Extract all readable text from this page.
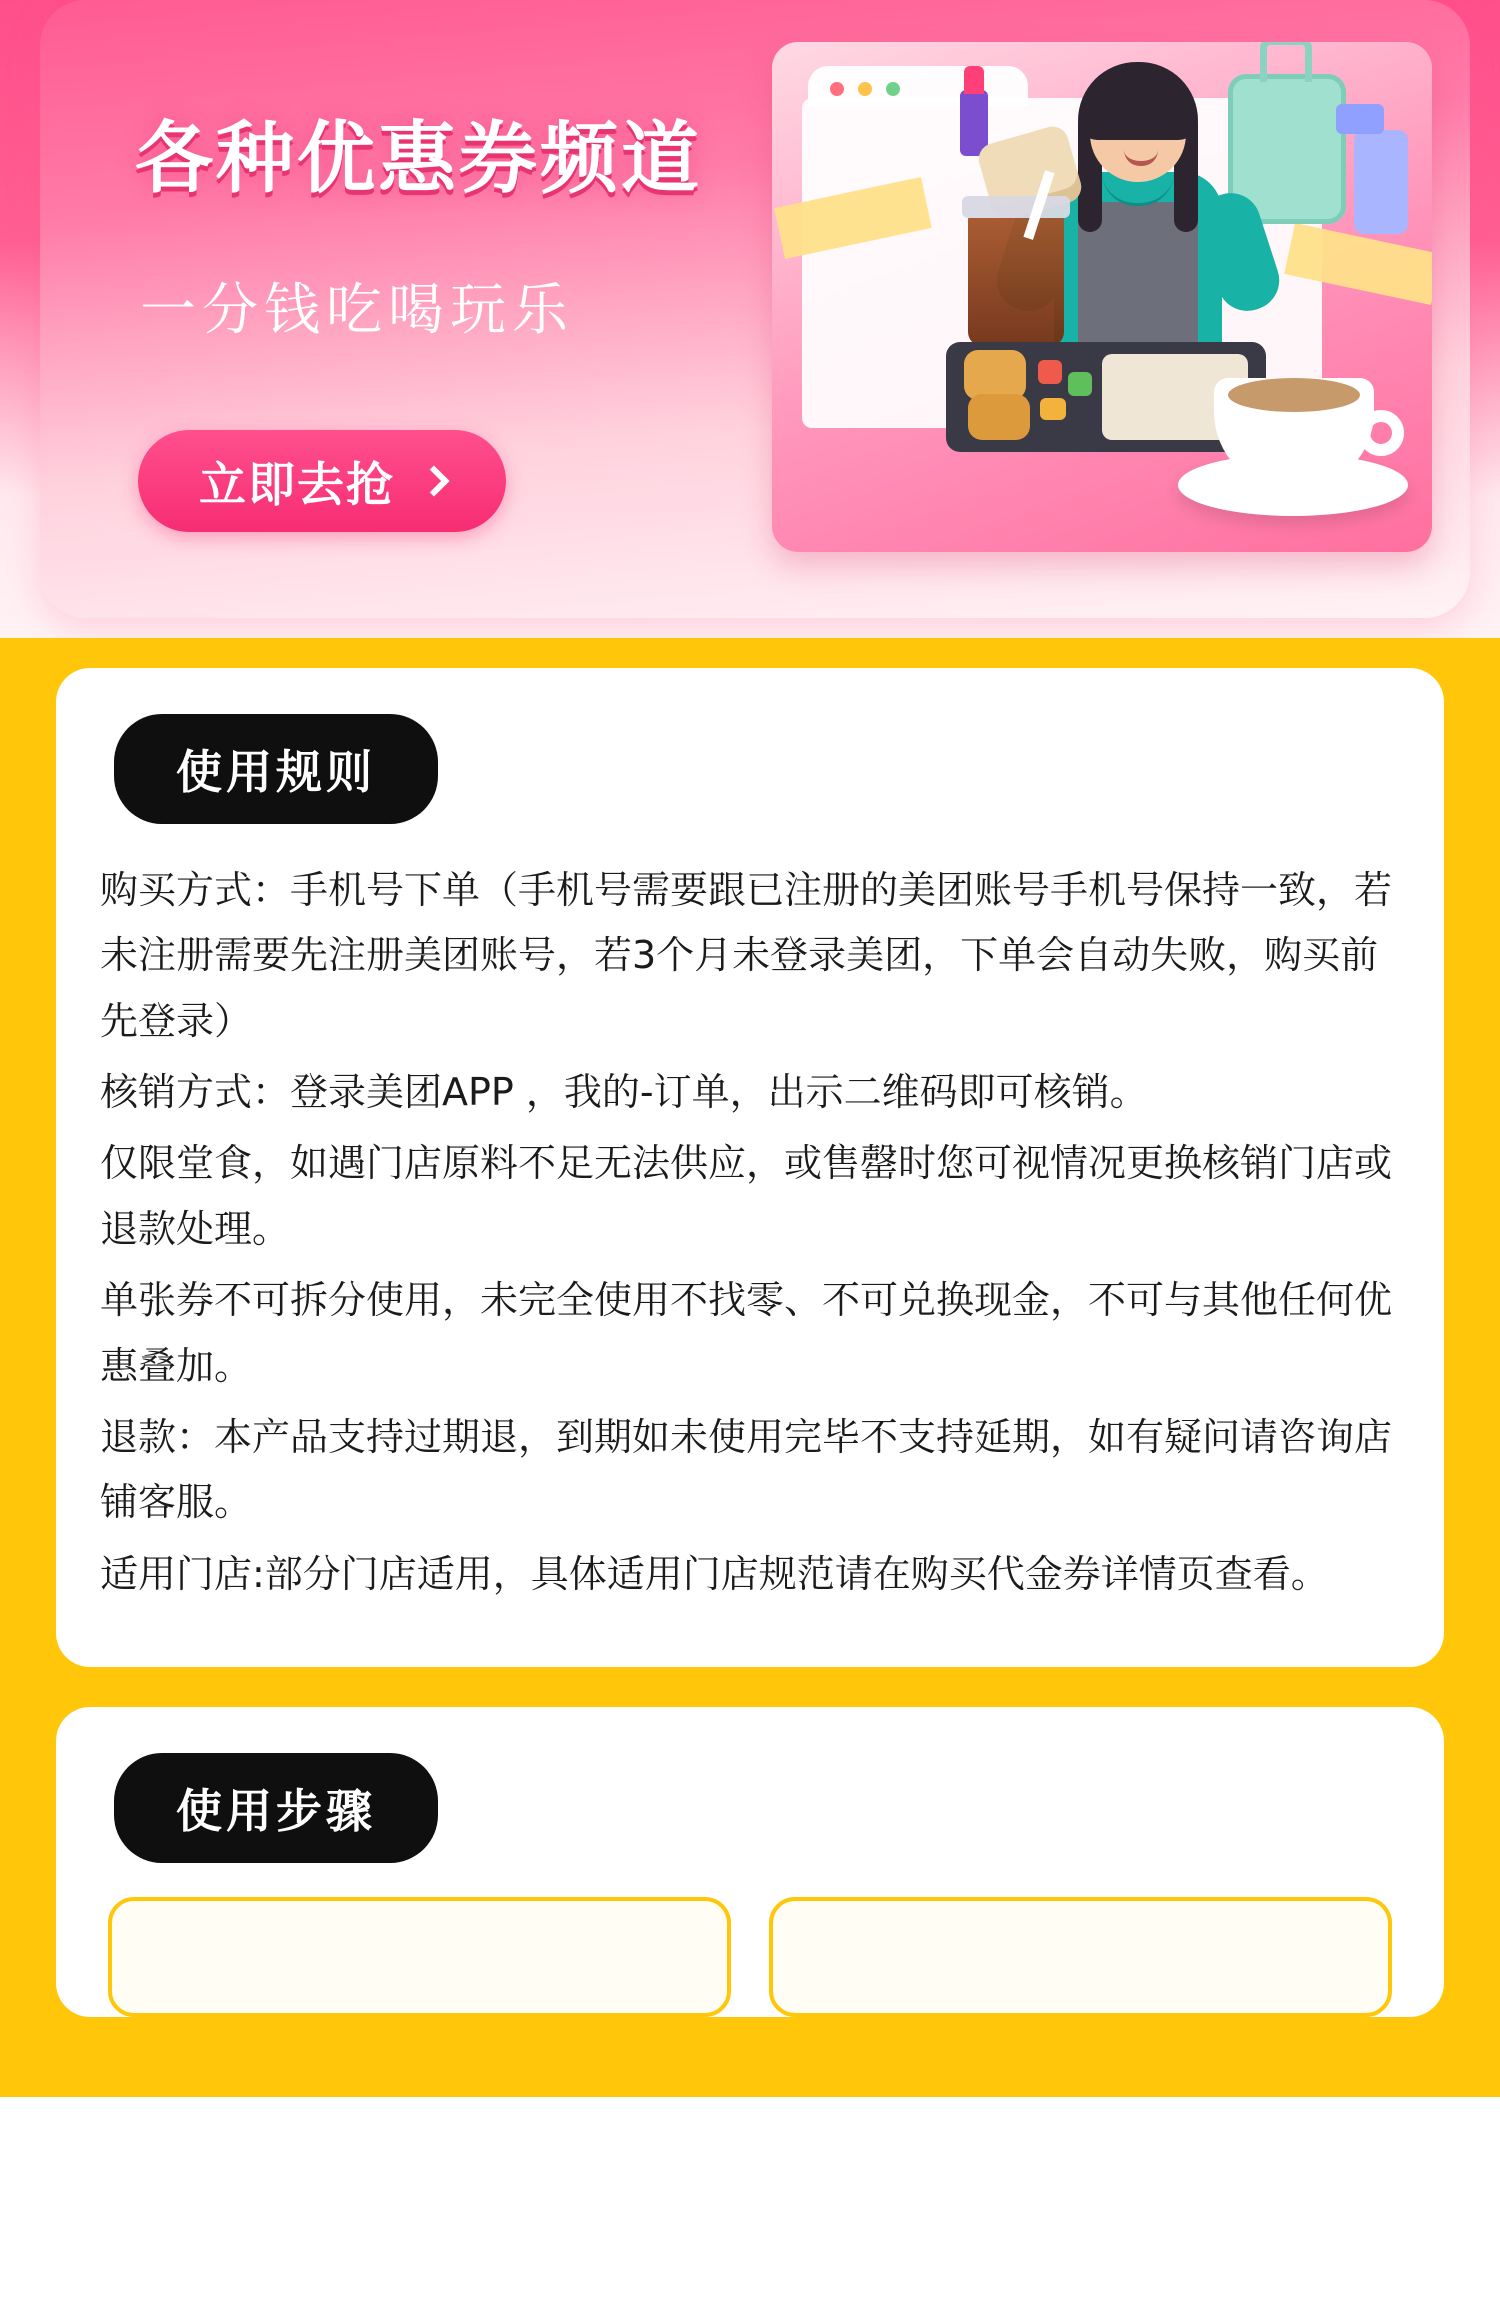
各种优惠券频道
一分钱吃喝玩乐
立即去抢
使用规则

购买方式：手机号下单（手机号需要跟已注册的美团账号手机号保持一致，若未注册需要先注册美团账号，若3个月未登录美团，下单会自动失败，购买前先登录）

核销方式：登录美团APP ，我的-订单，出示二维码即可核销。

仅限堂食，如遇门店原料不足无法供应，或售罄时您可视情况更换核销门店或退款处理。

单张券不可拆分使用，未完全使用不找零、不可兑换现金，不可与其他任何优惠叠加。

退款：本产品支持过期退，到期如未使用完毕不支持延期，如有疑问请咨询店铺客服。

适用门店:部分门店适用，具体适用门店规范请在购买代金券详情页查看。

使用步骤
